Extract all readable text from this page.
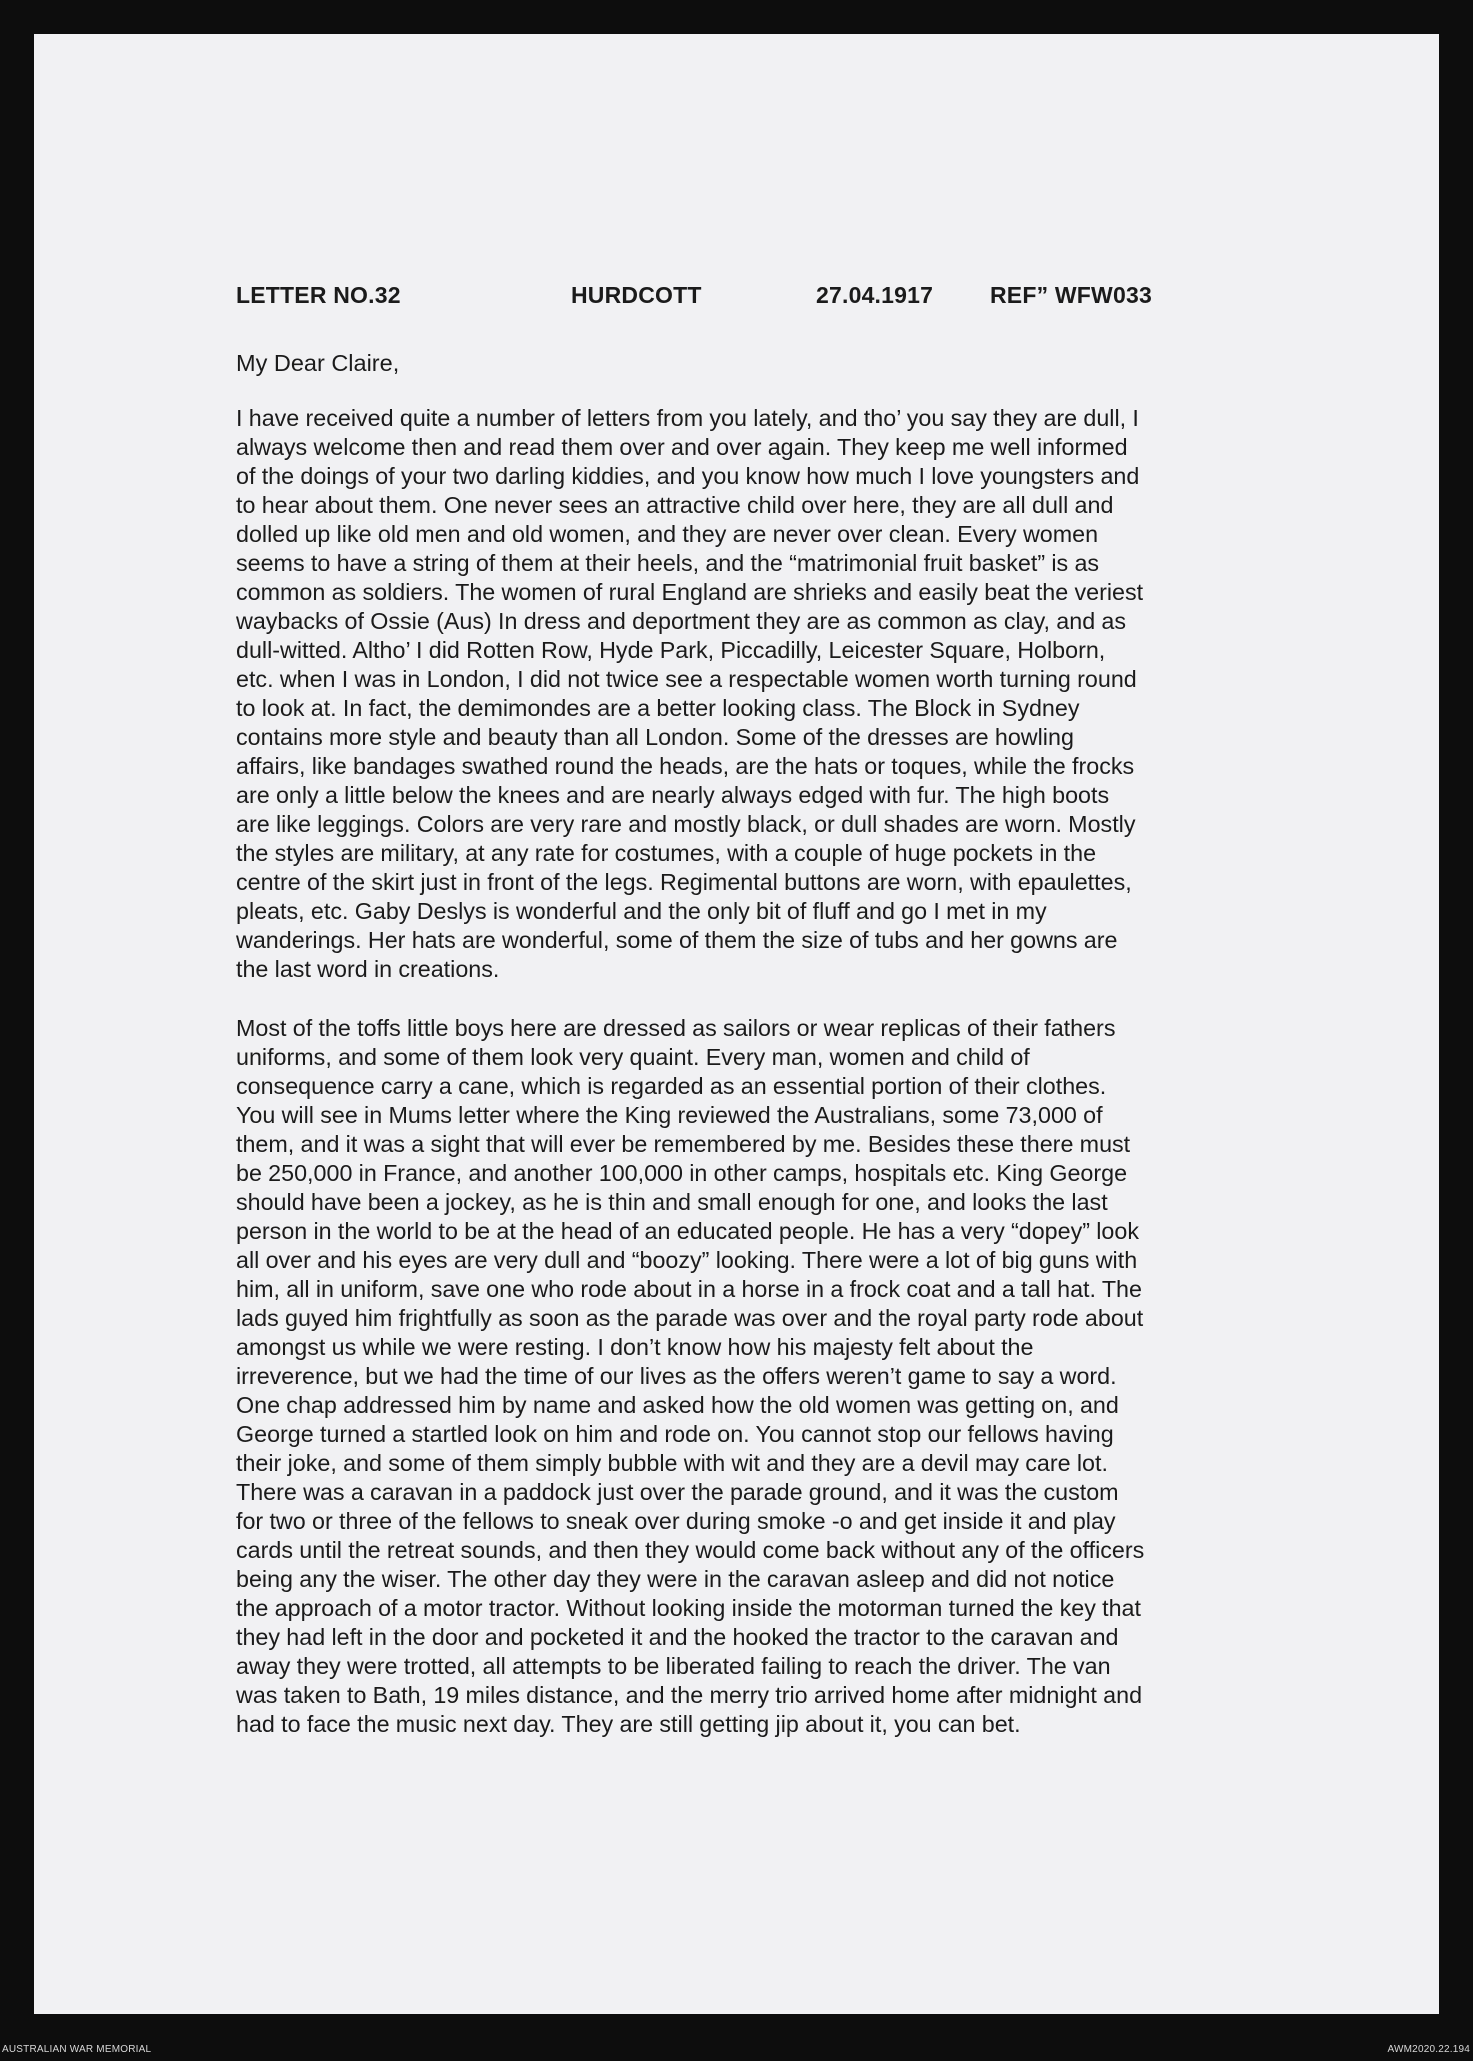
LETTER NO.32	HURDCOTT	27.04.1917 REF” WFW033
My Dear Claire,
I have received quite a number of letters from you lately, and tho’ you say they are dull, I
always welcome then and read them over and over again. They keep me well informed
of the doings of your two darling kiddies, and you know how much I love youngsters and
to hear about them. One never sees an attractive child over here, they are all dull and
dolled up like old men and old women, and they are never over clean. Every women
seems to have a string of them at their heels, and the “matrimonial fruit basket” is as
common as soldiers. The women of rural England are shrieks and easily beat the veriest
waybacks of Ossie (Aus) In dress and deportment they are as common as clay, and as
dull-witted. Altho’ I did Rotten Row, Hyde Park, Piccadilly, Leicester Square, Holborn,
etc. when I was in London, I did not twice see a respectable women worth turning round
to look at. In fact, the demimondes are a better looking class. The Block in Sydney
contains more style and beauty than all London. Some of the dresses are howling
affairs, like bandages swathed round the heads, are the hats or toques, while the frocks
are only a little below the knees and are nearly always edged with fur. The high boots
are like leggings. Colors are very rare and mostly black, or dull shades are worn. Mostly
the styles are military, at any rate for costumes, with a couple of huge pockets in the
centre of the skirt just in front of the legs. Regimental buttons are worn, with epaulettes,
pleats, etc. Gaby Deslys is wonderful and the only bit of fluff and go I met in my
wanderings. Her hats are wonderful, some of them the size of tubs and her gowns are
the last word in creations.
Most of the toffs little boys here are dressed as sailors or wear replicas of their fathers
uniforms, and some of them look very quaint. Every man, women and child of
consequence carry a cane, which is regarded as an essential portion of their clothes.
You will see in Mums letter where the King reviewed the Australians, some 73,000 of
them, and it was a sight that will ever be remembered by me. Besides these there must
be 250,000 in France, and another 100,000 in other camps, hospitals etc. King George
should have been a jockey, as he is thin and small enough for one, and looks the last
person in the world to be at the head of an educated people. He has a very “dopey” look
all over and his eyes are very dull and “boozy” looking. There were a lot of big guns with
him, all in uniform, save one who rode about in a horse in a frock coat and a tall hat. The
lads guyed him frightfully as soon as the parade was over and the royal party rode about
amongst us while we were resting. I don’t know how his majesty felt about the
irreverence, but we had the time of our lives as the offers weren’t game to say a word.
One chap addressed him by name and asked how the old women was getting on, and
George turned a startled look on him and rode on. You cannot stop our fellows having
their joke, and some of them simply bubble with wit and they are a devil may care lot.
There was a caravan in a paddock just over the parade ground, and it was the custom
for two or three of the fellows to sneak over during smoke -o and get inside it and play
cards until the retreat sounds, and then they would come back without any of the officers
being any the wiser. The other day they were in the caravan asleep and did not notice
the approach of a motor tractor. Without looking inside the motorman turned the key that
they had left in the door and pocketed it and the hooked the tractor to the caravan and
away they were trotted, all attempts to be liberated failing to reach the driver. The van
was taken to Bath, 19 miles distance, and the merry trio arrived home after midnight and
had to face the music next day. They are still getting jip about it, you can bet.
AUSTRALIAN WAR MEMORIAL	AWM2020.22.194
